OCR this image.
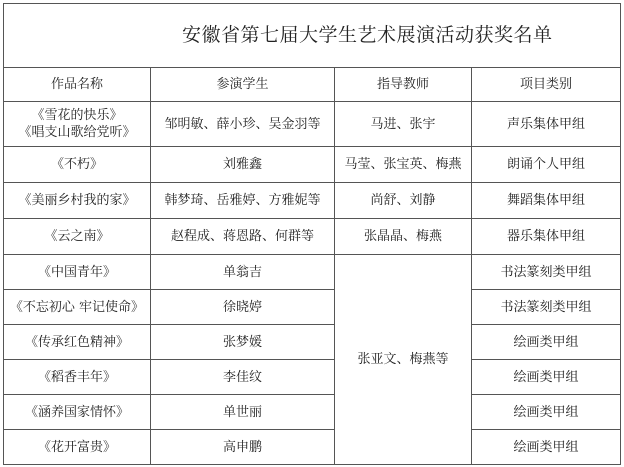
安徽省第七届大学生艺术展演活动获奖名单			
作品名称	参演学生	指导教师	项目类别

《雪花的快乐》
《唱支山歌给党听》	邹明敏、薛小珍、吴金羽等	马进、张宇	声乐集体甲组
《不朽》	刘雅鑫	马莹、张宝英、梅燕	朗诵个人甲组
《美丽乡村我的家》	韩梦琦、岳雅婷、方雅妮等	尚舒、刘静	舞蹈集体甲组
《云之南》	赵程成、蒋恩路、何群等	张晶晶、梅燕	器乐集体甲组
《中国青年》	单翁吉	张亚文、梅燕等	书法篆刻类甲组
《不忘初心 牢记使命》	徐晓婷		书法篆刻类甲组
《传承红色精神》	张梦媛		绘画类甲组
《稻香丰年》	李佳纹		绘画类甲组
《涵养国家情怀》	单世丽		绘画类甲组
《花开富贵》	高申鹏		绘画类甲组
